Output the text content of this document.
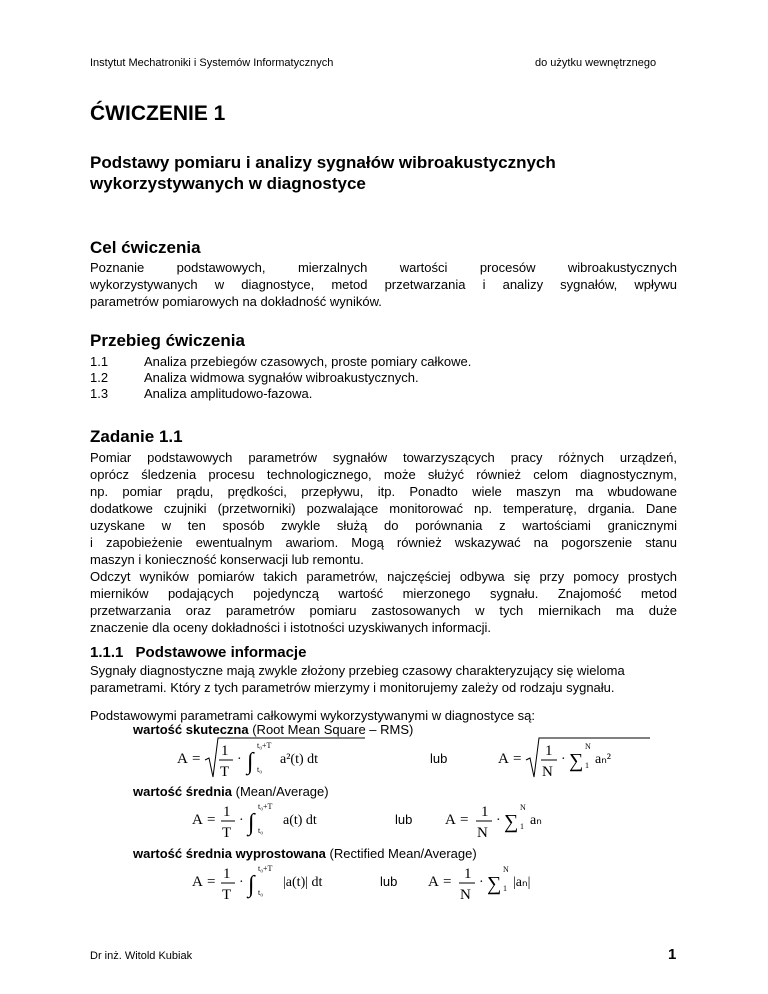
Instytut Mechatroniki i Systemów Informatycznych	do użytku wewnętrznego
ĆWICZENIE 1
Podstawy pomiaru i analizy sygnałów wibroakustycznych
wykorzystywanych w diagnostyce
Cel ćwiczenia
Poznanie podstawowych, mierzalnych wartości procesów wibroakustycznych
wykorzystywanych w diagnostyce, metod przetwarzania i analizy sygnałów, wpływu
parametrów pomiarowych na dokładność wyników.
Przebieg ćwiczenia
1.1	Analiza przebiegów czasowych, proste pomiary całkowe.
1.2	Analiza widmowa sygnałów wibroakustycznych.
1.3	Analiza amplitudowo-fazowa.
Zadanie 1.1
Pomiar podstawowych parametrów sygnałów towarzyszących pracy różnych urządzeń,
oprócz śledzenia procesu technologicznego, może służyć również celom diagnostycznym,
np. pomiar prądu, prędkości, przepływu, itp. Ponadto wiele maszyn ma wbudowane
dodatkowe czujniki (przetworniki) pozwalające monitorować np. temperaturę, drgania. Dane
uzyskane w ten sposób zwykle służą do porównania z wartościami granicznymi
i zapobieżenie ewentualnym awariom. Mogą również wskazywać na pogorszenie stanu
maszyn i konieczność konserwacji lub remontu.
Odczyt wyników pomiarów takich parametrów, najczęściej odbywa się przy pomocy prostych
mierników podających pojedynczą wartość mierzonego sygnału. Znajomość metod
przetwarzania oraz parametrów pomiaru zastosowanych w tych miernikach ma duże
znaczenie dla oceny dokładności i istotności uzyskiwanych informacji.
1.1.1 Podstawowe informacje
Sygnały diagnostyczne mają zwykle złożony przebieg czasowy charakteryzujący się wieloma
parametrami. Który z tych parametrów mierzymy i monitorujemy zależy od rodzaju sygnału.
Podstawowymi parametrami całkowymi wykorzystywanymi w diagnostyce są:
wartość skuteczna (Root Mean Square – RMS)
wartość średnia (Mean/Average)
wartość średnia wyprostowana (Rectified Mean/Average)
A = 1
T
· ∫
t₀+T
t₀
a²(t) dt	lub	A = 1
N
· ∑
N
1 aₙ²
A = 1
T
· ∫
t₀+T
t₀
a(t) dt	lub A = 1
N
· ∑
N
1 aₙ
A = 1
T
· ∫
t₀+T
t₀
|a(t)| dt	lub A = 1
N
· ∑
N
1 |aₙ|
Dr inż. Witold Kubiak	1
